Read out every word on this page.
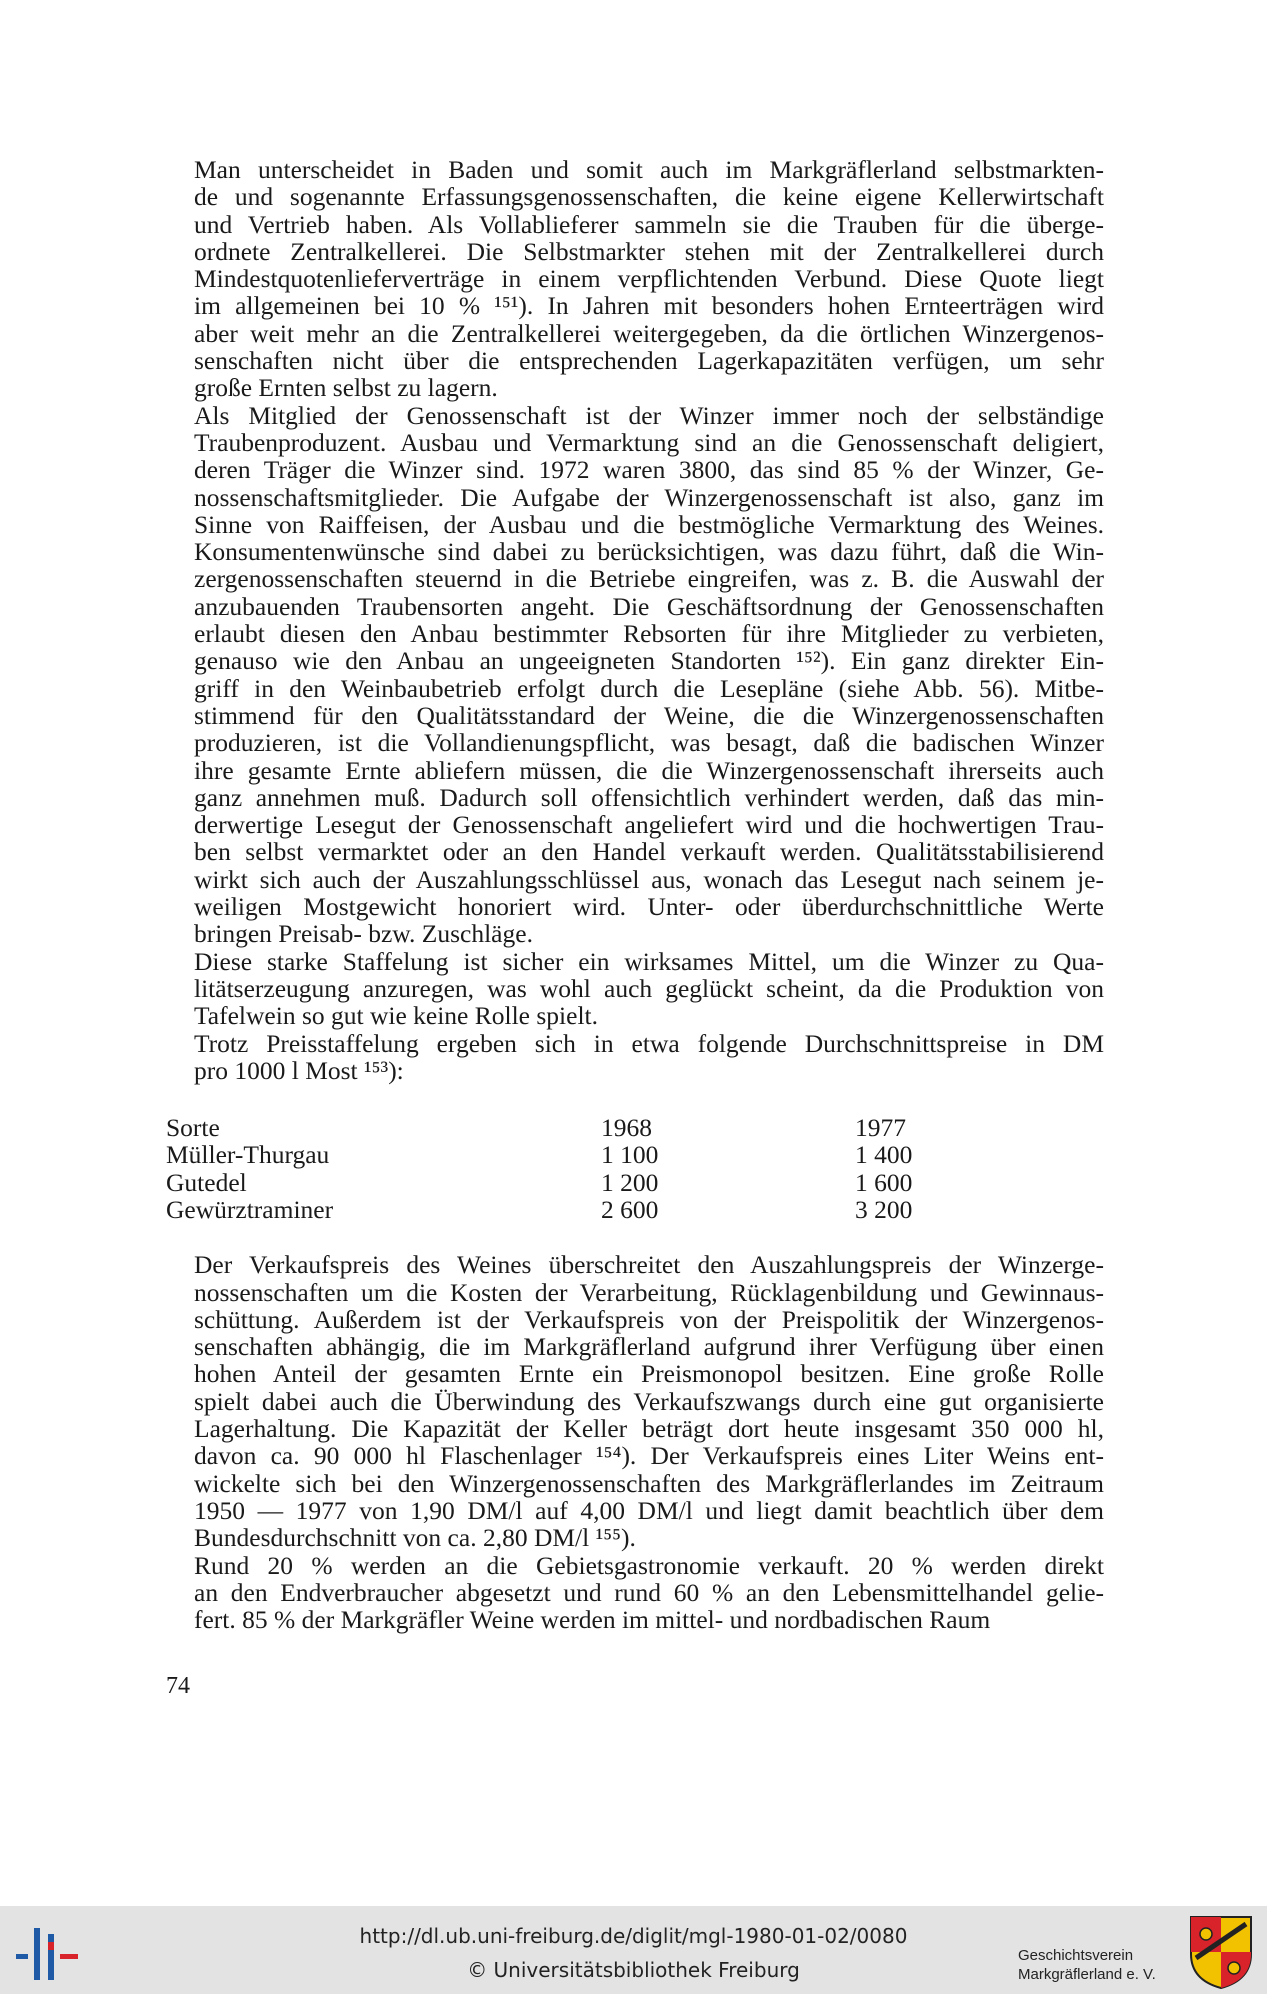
Man unterscheidet in Baden und somit auch im Markgräflerland selbstmarkten-
de und sogenannte Erfassungsgenossenschaften, die keine eigene Kellerwirtschaft
und Vertrieb haben. Als Vollablieferer sammeln sie die Trauben für die überge-
ordnete Zentralkellerei. Die Selbstmarkter stehen mit der Zentralkellerei durch
Mindestquotenlieferverträge in einem verpflichtenden Verbund. Diese Quote liegt
im allgemeinen bei 10 % ¹⁵¹). In Jahren mit besonders hohen Ernteerträgen wird
aber weit mehr an die Zentralkellerei weitergegeben, da die örtlichen Winzergenos-
senschaften nicht über die entsprechenden Lagerkapazitäten verfügen, um sehr
große Ernten selbst zu lagern.

Als Mitglied der Genossenschaft ist der Winzer immer noch der selbständige
Traubenproduzent. Ausbau und Vermarktung sind an die Genossenschaft deligiert,
deren Träger die Winzer sind. 1972 waren 3800, das sind 85 % der Winzer, Ge-
nossenschaftsmitglieder. Die Aufgabe der Winzergenossenschaft ist also, ganz im
Sinne von Raiffeisen, der Ausbau und die bestmögliche Vermarktung des Weines.
Konsumentenwünsche sind dabei zu berücksichtigen, was dazu führt, daß die Win-
zergenossenschaften steuernd in die Betriebe eingreifen, was z. B. die Auswahl der
anzubauenden Traubensorten angeht. Die Geschäftsordnung der Genossenschaften
erlaubt diesen den Anbau bestimmter Rebsorten für ihre Mitglieder zu verbieten,
genauso wie den Anbau an ungeeigneten Standorten ¹⁵²). Ein ganz direkter Ein-
griff in den Weinbaubetrieb erfolgt durch die Lesepläne (siehe Abb. 56). Mitbe-
stimmend für den Qualitätsstandard der Weine, die die Winzergenossenschaften
produzieren, ist die Vollandienungspflicht, was besagt, daß die badischen Winzer
ihre gesamte Ernte abliefern müssen, die die Winzergenossenschaft ihrerseits auch
ganz annehmen muß. Dadurch soll offensichtlich verhindert werden, daß das min-
derwertige Lesegut der Genossenschaft angeliefert wird und die hochwertigen Trau-
ben selbst vermarktet oder an den Handel verkauft werden. Qualitätsstabilisierend
wirkt sich auch der Auszahlungsschlüssel aus, wonach das Lesegut nach seinem je-
weiligen Mostgewicht honoriert wird. Unter- oder überdurchschnittliche Werte
bringen Preisab- bzw. Zuschläge.

Diese starke Staffelung ist sicher ein wirksames Mittel, um die Winzer zu Qua-
litätserzeugung anzuregen, was wohl auch geglückt scheint, da die Produktion von
Tafelwein so gut wie keine Rolle spielt.

Trotz Preisstaffelung ergeben sich in etwa folgende Durchschnittspreise in DM
pro 1000 l Most ¹⁵³):

Sorte	1968	1977
Müller-Thurgau	1 100	1 400
Gutedel	1 200	1 600
Gewürztraminer	2 600	3 200

Der Verkaufspreis des Weines überschreitet den Auszahlungspreis der Winzerge-
nossenschaften um die Kosten der Verarbeitung, Rücklagenbildung und Gewinnaus-
schüttung. Außerdem ist der Verkaufspreis von der Preispolitik der Winzergenos-
senschaften abhängig, die im Markgräflerland aufgrund ihrer Verfügung über einen
hohen Anteil der gesamten Ernte ein Preismonopol besitzen. Eine große Rolle
spielt dabei auch die Überwindung des Verkaufszwangs durch eine gut organisierte
Lagerhaltung. Die Kapazität der Keller beträgt dort heute insgesamt 350 000 hl,
davon ca. 90 000 hl Flaschenlager ¹⁵⁴). Der Verkaufspreis eines Liter Weins ent-
wickelte sich bei den Winzergenossenschaften des Markgräflerlandes im Zeitraum
1950 — 1977 von 1,90 DM/l auf 4,00 DM/l und liegt damit beachtlich über dem
Bundesdurchschnitt von ca. 2,80 DM/l ¹⁵⁵).

Rund 20 % werden an die Gebietsgastronomie verkauft. 20 % werden direkt
an den Endverbraucher abgesetzt und rund 60 % an den Lebensmittelhandel gelie-
fert. 85 % der Markgräfler Weine werden im mittel- und nordbadischen Raum

74
http://dl.ub.uni-freiburg.de/diglit/mgl-1980-01-02/0080
© Universitätsbibliothek Freiburg
Geschichtsverein
Markgräflerland e. V.
